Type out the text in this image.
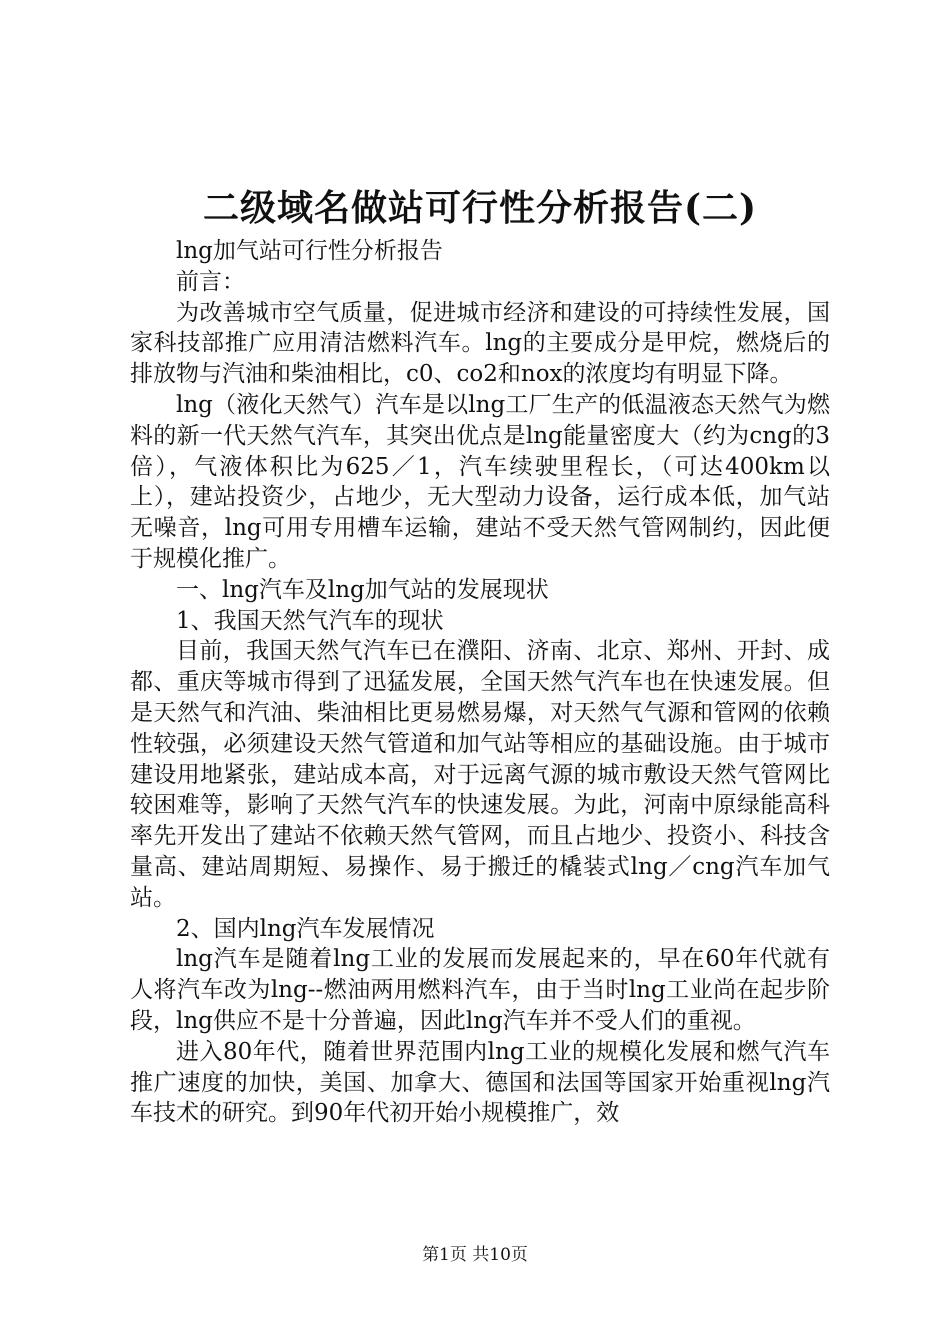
二级域名做站可行性分析报告(二)

lng加气站可行性分析报告

前言：

为改善城市空气质量，促进城市经济和建设的可持续性发展，国家科技部推广应用清洁燃料汽车。lng的主要成分是甲烷，燃烧后的排放物与汽油和柴油相比，c0、co2和nox的浓度均有明显下降。

lng（液化天然气）汽车是以lng工厂生产的低温液态天然气为燃料的新一代天然气汽车，其突出优点是lng能量密度大（约为cng的3倍），气液体积比为625／1，汽车续驶里程长，（可达400km以上），建站投资少，占地少，无大型动力设备，运行成本低，加气站无噪音，lng可用专用槽车运输，建站不受天然气管网制约，因此便于规模化推广。

一、lng汽车及lng加气站的发展现状

1、我国天然气汽车的现状

目前，我国天然气汽车已在濮阳、济南、北京、郑州、开封、成都、重庆等城市得到了迅猛发展，全国天然气汽车也在快速发展。但是天然气和汽油、柴油相比更易燃易爆，对天然气气源和管网的依赖性较强，必须建设天然气管道和加气站等相应的基础设施。由于城市建设用地紧张，建站成本高，对于远离气源的城市敷设天然气管网比较困难等，影响了天然气汽车的快速发展。为此，河南中原绿能高科率先开发出了建站不依赖天然气管网，而且占地少、投资小、科技含量高、建站周期短、易操作、易于搬迁的橇装式lng／cng汽车加气站。

2、国内lng汽车发展情况

lng汽车是随着lng工业的发展而发展起来的，早在60年代就有人将汽车改为lng--燃油两用燃料汽车，由于当时lng工业尚在起步阶段，lng供应不是十分普遍，因此lng汽车并不受人们的重视。

进入80年代，随着世界范围内lng工业的规模化发展和燃气汽车推广速度的加快，美国、加拿大、德国和法国等国家开始重视lng汽车技术的研究。到90年代初开始小规模推广，效

第1页 共10页
